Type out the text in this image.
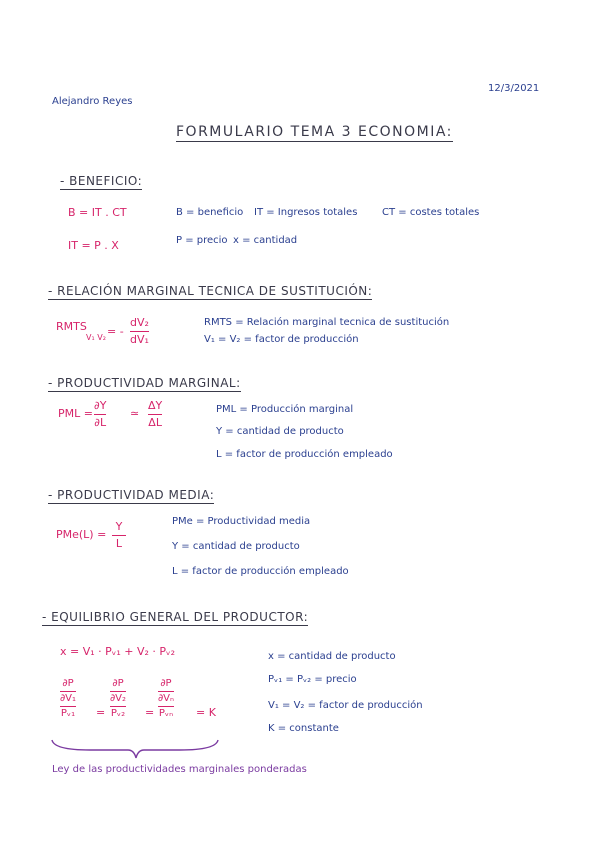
12/3/2021
Alejandro Reyes
FORMULARIO TEMA 3 ECONOMIA:
- BENEFICIO:
B = IT . CT
IT = P . X
B = beneficio IT = Ingresos totales CT = costes totales
P = precio x = cantidad
- RELACIÓN MARGINAL TECNICA DE SUSTITUCIÓN:
RMTS
V₁ V₂ = -
dV₂
dV₁
RMTS = Relación marginal tecnica de sustitución
V₁ = V₂ = factor de producción
- PRODUCTIVIDAD MARGINAL:
PML =
∂Y
∂L
≃
ΔY
ΔL
PML = Producción marginal
Y = cantidad de producto
L = factor de producción empleado
- PRODUCTIVIDAD MEDIA:
PMe(L) =
Y
L
PMe = Productividad media
Y = cantidad de producto
L = factor de producción empleado
- EQUILIBRIO GENERAL DEL PRODUCTOR:
x = V₁ · Pᵥ₁ + V₂ · Pᵥ₂
∂P
∂V₁
Pᵥ₁ =
∂P
∂V₂
Pᵥ₂ =
∂P
∂Vₙ
Pᵥₙ = K
x = cantidad de producto
Pᵥ₁ = Pᵥ₂ = precio
V₁ = V₂ = factor de producción
K = constante
Ley de las productividades marginales ponderadas
